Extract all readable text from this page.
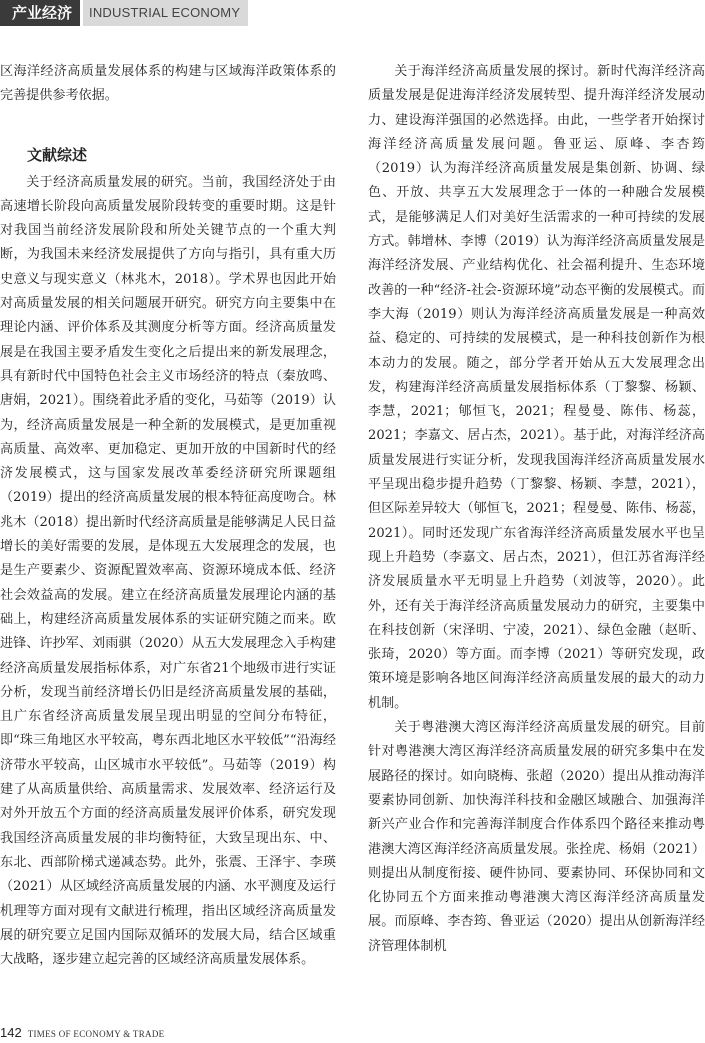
产业经济	INDUSTRIAL ECONOMY

区海洋经济高质量发展体系的构建与区域海洋政策体系的完善提供参考依据。

文献综述

关于经济高质量发展的研究。当前，我国经济处于由高速增长阶段向高质量发展阶段转变的重要时期。这是针对我国当前经济发展阶段和所处关键节点的一个重大判断，为我国未来经济发展提供了方向与指引，具有重大历史意义与现实意义（林兆木，2018）。学术界也因此开始对高质量发展的相关问题展开研究。研究方向主要集中在理论内涵、评价体系及其测度分析等方面。经济高质量发展是在我国主要矛盾发生变化之后提出来的新发展理念，具有新时代中国特色社会主义市场经济的特点（秦放鸣、唐娟，2021）。围绕着此矛盾的变化，马茹等（2019）认为，经济高质量发展是一种全新的发展模式，是更加重视高质量、高效率、更加稳定、更加开放的中国新时代的经济发展模式，这与国家发展改革委经济研究所课题组（2019）提出的经济高质量发展的根本特征高度吻合。林兆木（2018）提出新时代经济高质量是能够满足人民日益增长的美好需要的发展，是体现五大发展理念的发展，也是生产要素少、资源配置效率高、资源环境成本低、经济社会效益高的发展。建立在经济高质量发展理论内涵的基础上，构建经济高质量发展体系的实证研究随之而来。欧进锋、许抄军、刘雨骐（2020）从五大发展理念入手构建经济高质量发展指标体系，对广东省21个地级市进行实证分析，发现当前经济增长仍旧是经济高质量发展的基础，且广东省经济高质量发展呈现出明显的空间分布特征，即“珠三角地区水平较高，粤东西北地区水平较低”“沿海经济带水平较高，山区城市水平较低”。马茹等（2019）构建了从高质量供给、高质量需求、发展效率、经济运行及对外开放五个方面的经济高质量发展评价体系，研究发现我国经济高质量发展的非均衡特征，大致呈现出东、中、东北、西部阶梯式递减态势。此外，张震、王泽宇、李瑛（2021）从区域经济高质量发展的内涵、水平测度及运行机理等方面对现有文献进行梳理，指出区域经济高质量发展的研究要立足国内国际双循环的发展大局，结合区域重大战略，逐步建立起完善的区域经济高质量发展体系。

关于海洋经济高质量发展的探讨。新时代海洋经济高质量发展是促进海洋经济发展转型、提升海洋经济发展动力、建设海洋强国的必然选择。由此，一些学者开始探讨海洋经济高质量发展问题。鲁亚运、原峰、李杏筠（2019）认为海洋经济高质量发展是集创新、协调、绿色、开放、共享五大发展理念于一体的一种融合发展模式，是能够满足人们对美好生活需求的一种可持续的发展方式。韩增林、李博（2019）认为海洋经济高质量发展是海洋经济发展、产业结构优化、社会福利提升、生态环境改善的一种“经济-社会-资源环境”动态平衡的发展模式。而李大海（2019）则认为海洋经济高质量发展是一种高效益、稳定的、可持续的发展模式，是一种科技创新作为根本动力的发展。随之，部分学者开始从五大发展理念出发，构建海洋经济高质量发展指标体系（丁黎黎、杨颖、李慧，2021；郇恒飞，2021；程曼曼、陈伟、杨蕊，2021；李嘉文、居占杰，2021）。基于此，对海洋经济高质量发展进行实证分析，发现我国海洋经济高质量发展水平呈现出稳步提升趋势（丁黎黎、杨颖、李慧，2021），但区际差异较大（郇恒飞，2021；程曼曼、陈伟、杨蕊，2021）。同时还发现广东省海洋经济高质量发展水平也呈现上升趋势（李嘉文、居占杰，2021），但江苏省海洋经济发展质量水平无明显上升趋势（刘波等，2020）。此外，还有关于海洋经济高质量发展动力的研究，主要集中在科技创新（宋泽明、宁凌，2021）、绿色金融（赵昕、张琦，2020）等方面。而李博（2021）等研究发现，政策环境是影响各地区间海洋经济高质量发展的最大的动力机制。

关于粤港澳大湾区海洋经济高质量发展的研究。目前针对粤港澳大湾区海洋经济高质量发展的研究多集中在发展路径的探讨。如向晓梅、张超（2020）提出从推动海洋要素协同创新、加快海洋科技和金融区域融合、加强海洋新兴产业合作和完善海洋制度合作体系四个路径来推动粤港澳大湾区海洋经济高质量发展。张拴虎、杨娟（2021）则提出从制度衔接、硬件协同、要素协同、环保协同和文化协同五个方面来推动粤港澳大湾区海洋经济高质量发展。而原峰、李杏筠、鲁亚运（2020）提出从创新海洋经济管理体制机

142 TIMES OF ECONOMY & TRADE
